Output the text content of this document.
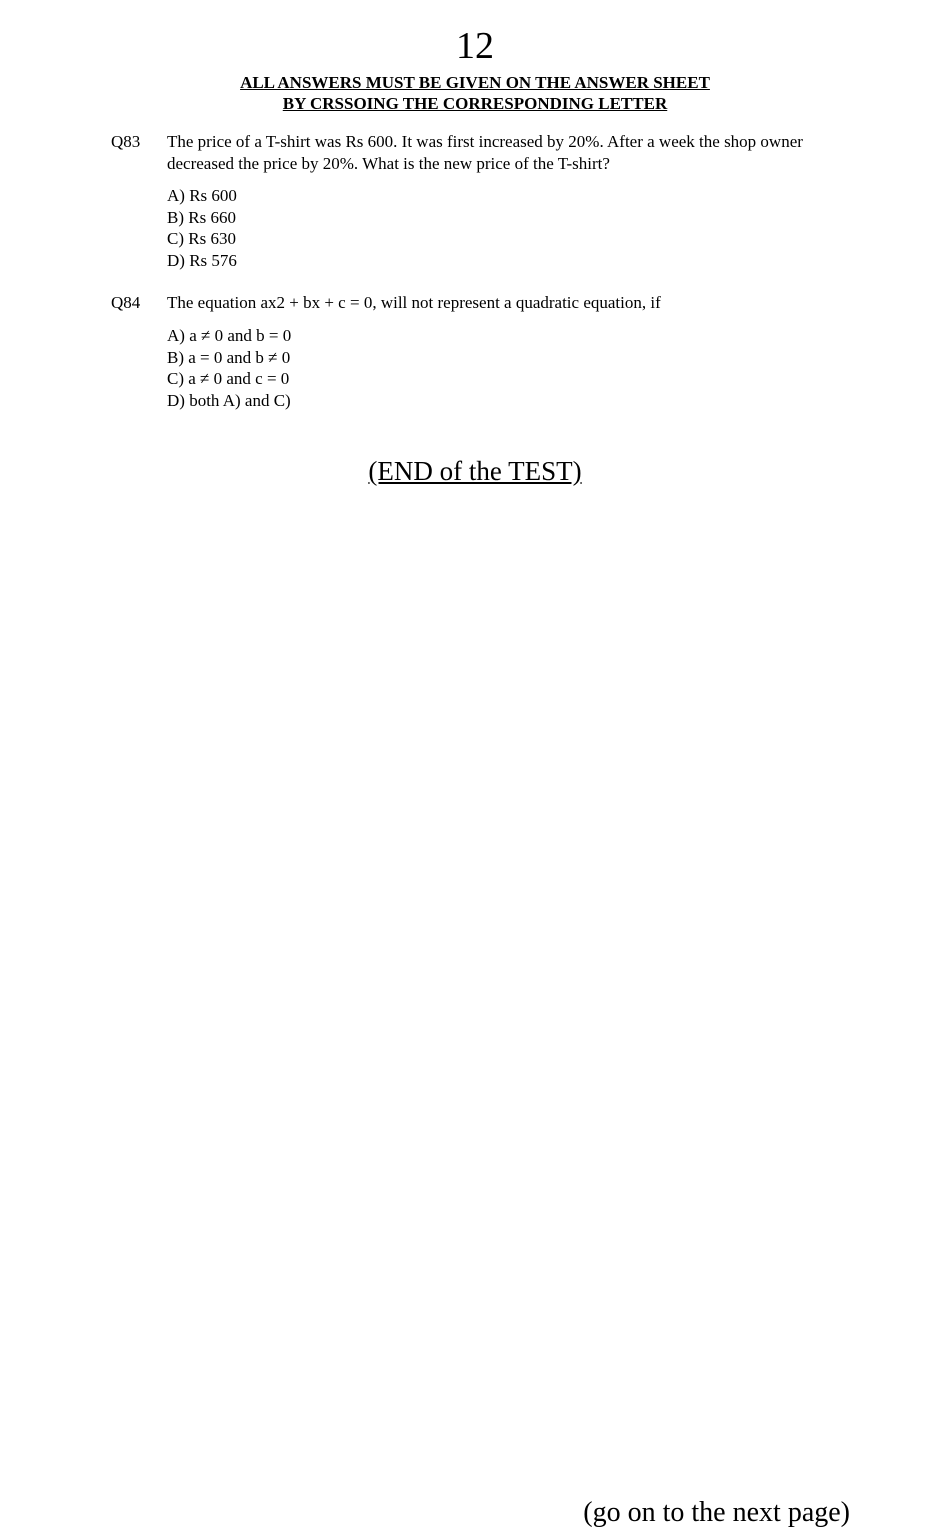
12
ALL ANSWERS MUST BE GIVEN ON THE ANSWER SHEET
BY CRSSOING THE CORRESPONDING LETTER
Q83 The price of a T-shirt was Rs 600. It was first increased by 20%. After a week the shop owner decreased the price by 20%. What is the new price of the T-shirt?
A) Rs 600
B) Rs 660
C) Rs 630
D) Rs 576
Q84 The equation ax2 + bx + c = 0, will not represent a quadratic equation, if
A) a ≠ 0 and b = 0
B) a = 0 and b ≠ 0
C) a ≠ 0 and c = 0
D) both A) and C)
(END of the TEST)
(go on to the next page)
